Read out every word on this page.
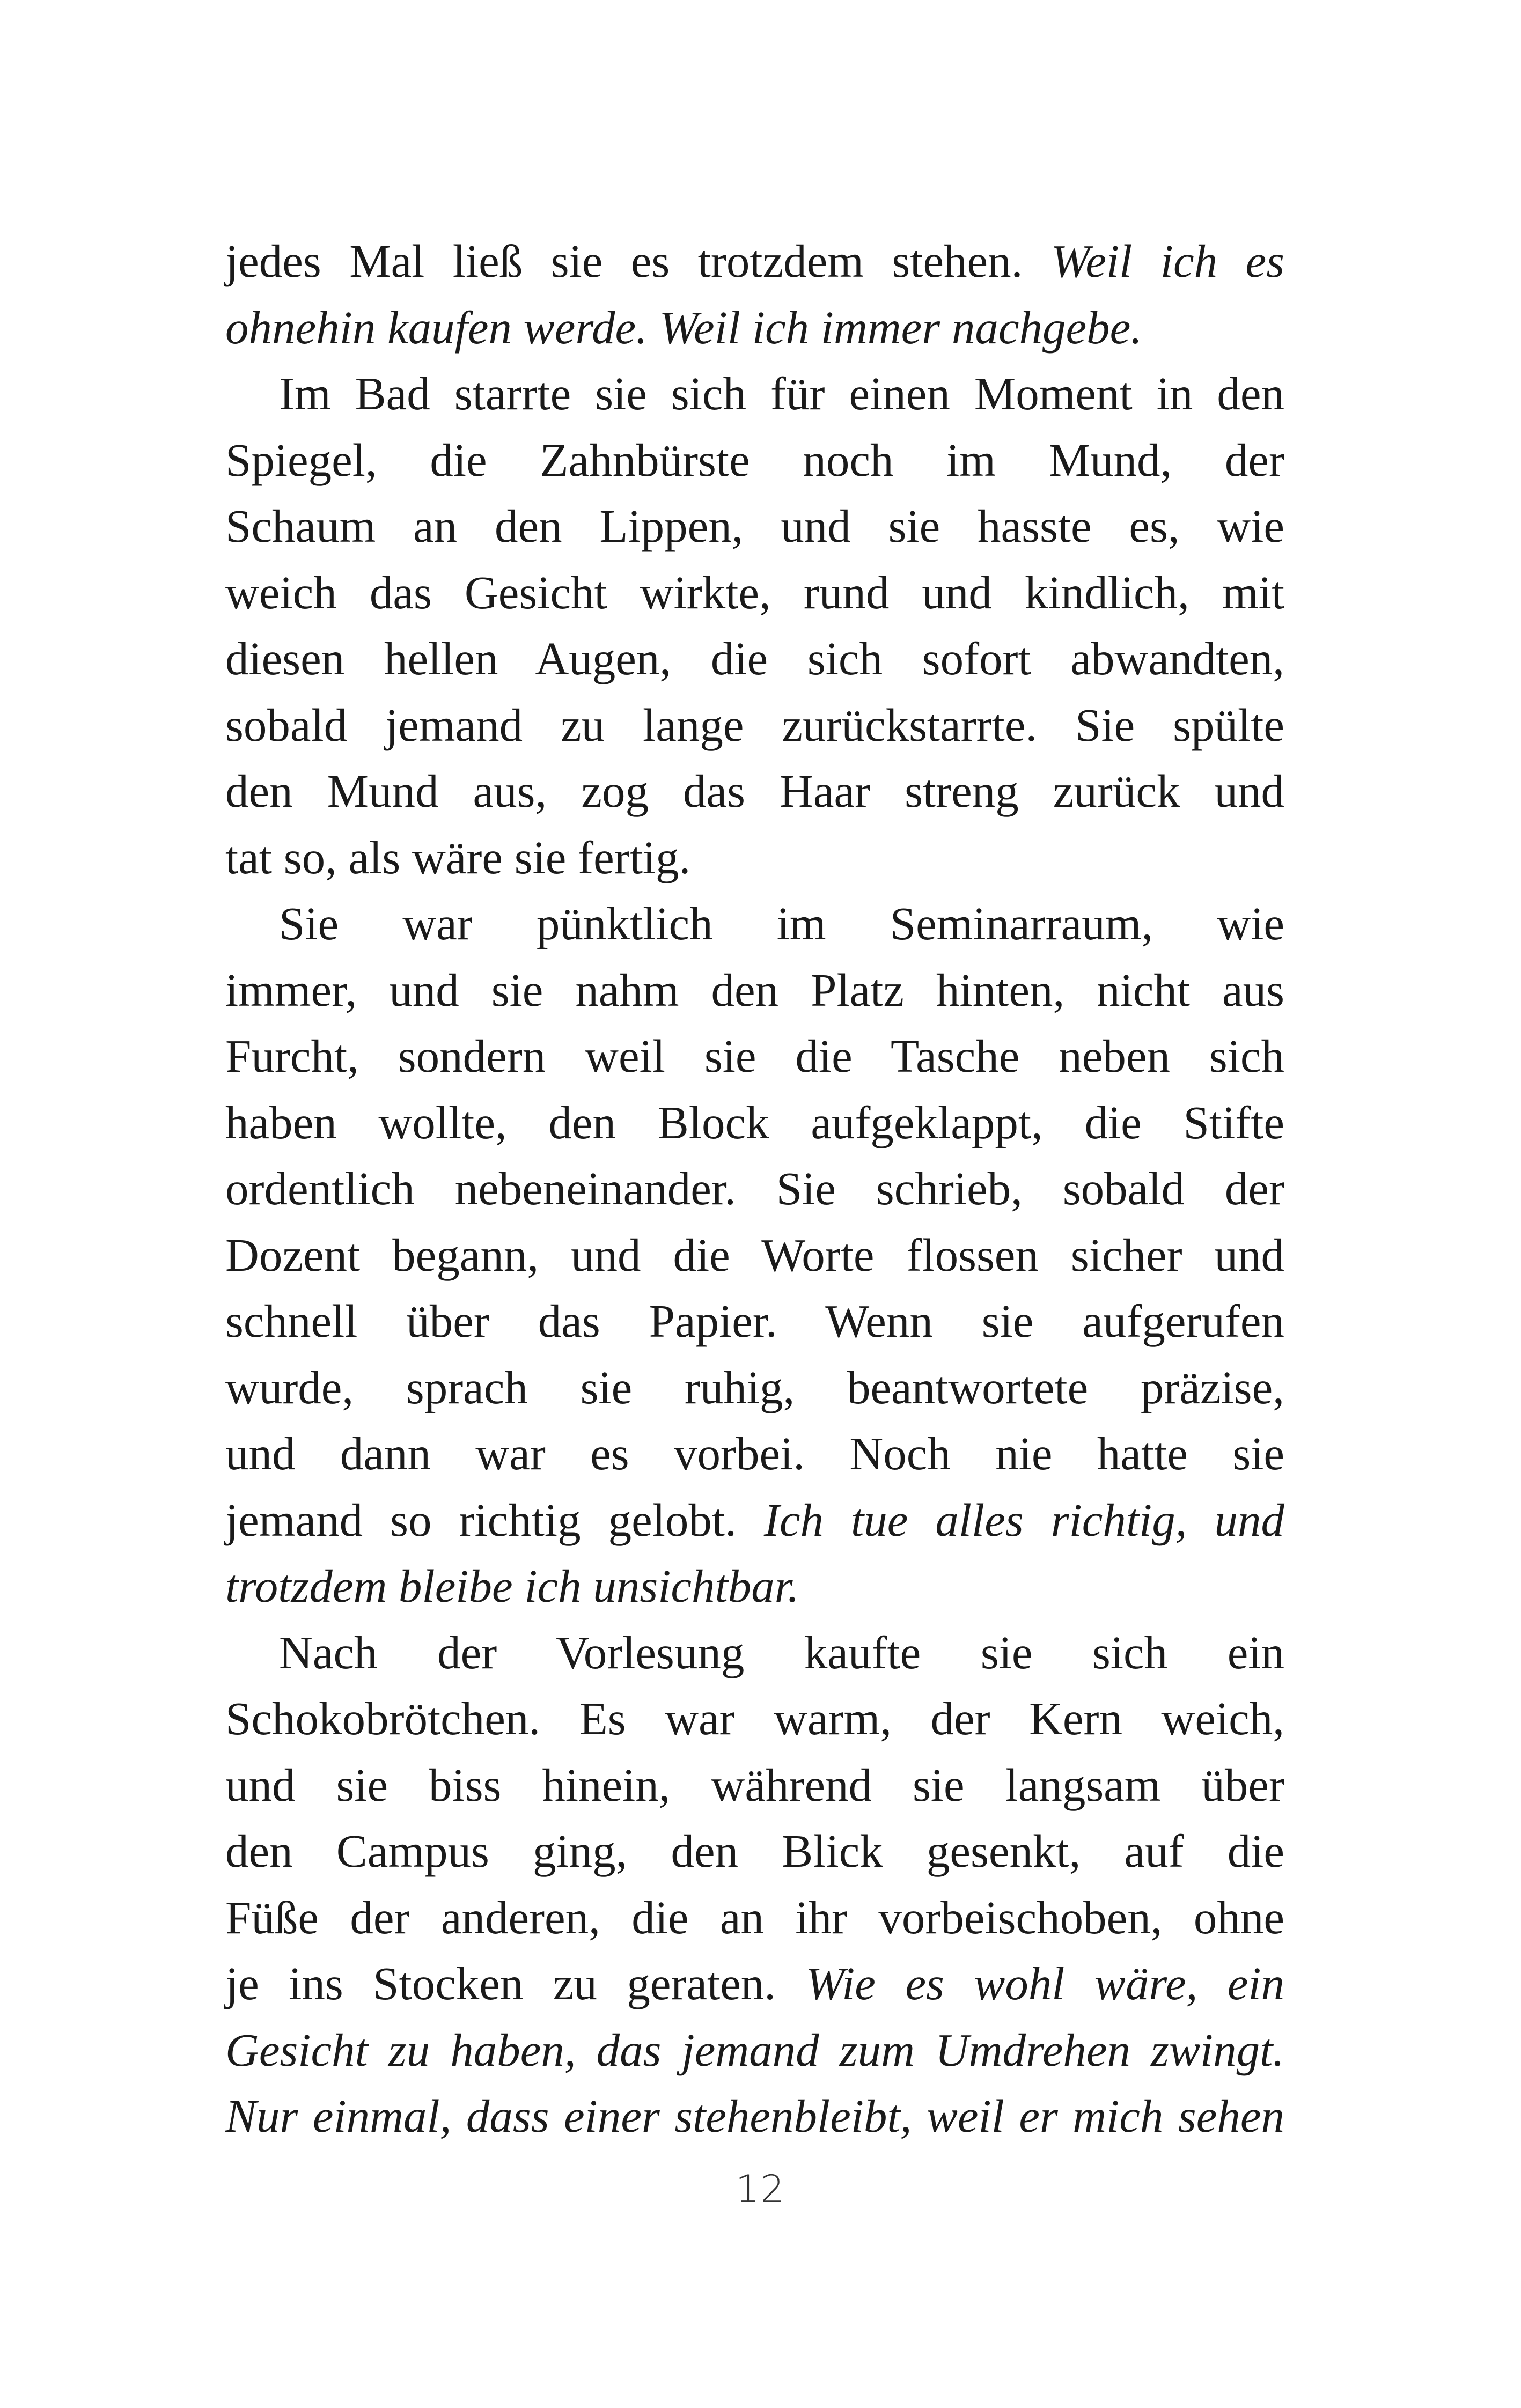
jedes Mal ließ sie es trotzdem stehen. Weil ich es
ohnehin kaufen werde. Weil ich immer nachgebe.
Im Bad starrte sie sich für einen Moment in den
Spiegel, die Zahnbürste noch im Mund, der
Schaum an den Lippen, und sie hasste es, wie
weich das Gesicht wirkte, rund und kindlich, mit
diesen hellen Augen, die sich sofort abwandten,
sobald jemand zu lange zurückstarrte. Sie spülte
den Mund aus, zog das Haar streng zurück und
tat so, als wäre sie fertig.
Sie war pünktlich im Seminarraum, wie
immer, und sie nahm den Platz hinten, nicht aus
Furcht, sondern weil sie die Tasche neben sich
haben wollte, den Block aufgeklappt, die Stifte
ordentlich nebeneinander. Sie schrieb, sobald der
Dozent begann, und die Worte flossen sicher und
schnell über das Papier. Wenn sie aufgerufen
wurde, sprach sie ruhig, beantwortete präzise,
und dann war es vorbei. Noch nie hatte sie
jemand so richtig gelobt. Ich tue alles richtig, und
trotzdem bleibe ich unsichtbar.
Nach der Vorlesung kaufte sie sich ein
Schokobrötchen. Es war warm, der Kern weich,
und sie biss hinein, während sie langsam über
den Campus ging, den Blick gesenkt, auf die
Füße der anderen, die an ihr vorbeischoben, ohne
je ins Stocken zu geraten. Wie es wohl wäre, ein
Gesicht zu haben, das jemand zum Umdrehen zwingt.
Nur einmal, dass einer stehenbleibt, weil er mich sehen
12
